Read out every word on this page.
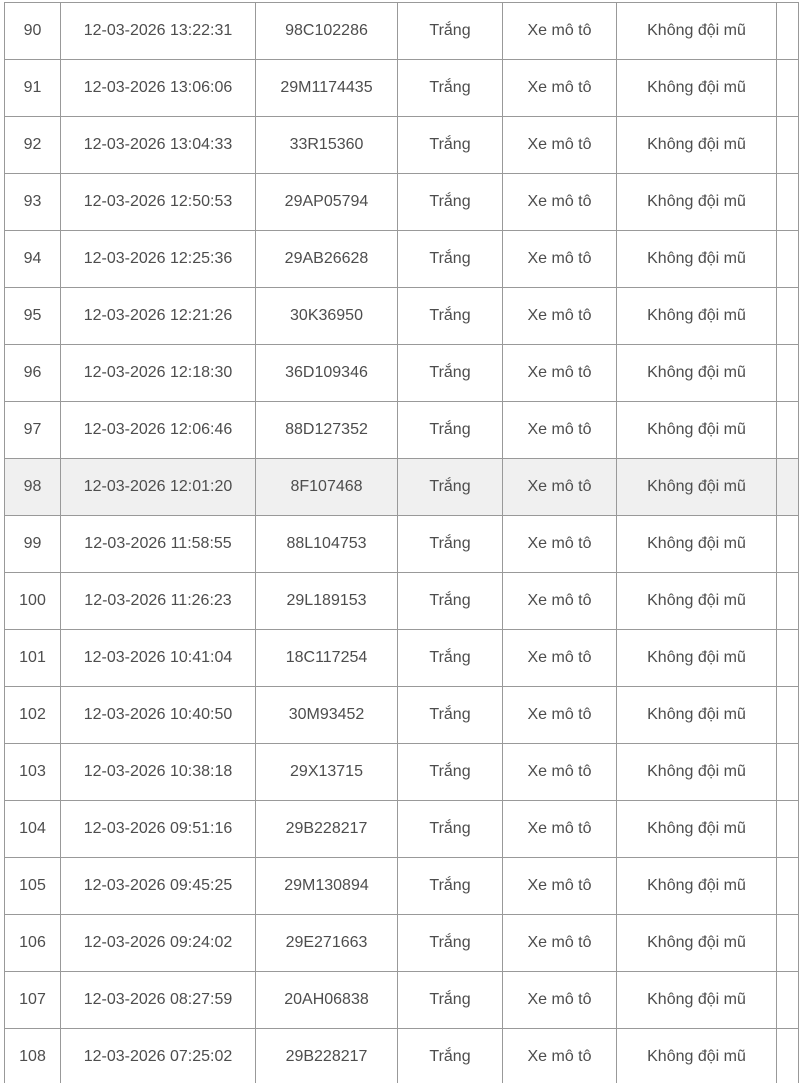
90	12-03-2026 13:22:31	98C102286	Trắng	Xe mô tô	Không đội mũ	
91	12-03-2026 13:06:06	29M1174435	Trắng	Xe mô tô	Không đội mũ	
92	12-03-2026 13:04:33	33R15360	Trắng	Xe mô tô	Không đội mũ	
93	12-03-2026 12:50:53	29AP05794	Trắng	Xe mô tô	Không đội mũ	
94	12-03-2026 12:25:36	29AB26628	Trắng	Xe mô tô	Không đội mũ	
95	12-03-2026 12:21:26	30K36950	Trắng	Xe mô tô	Không đội mũ	
96	12-03-2026 12:18:30	36D109346	Trắng	Xe mô tô	Không đội mũ	
97	12-03-2026 12:06:46	88D127352	Trắng	Xe mô tô	Không đội mũ	
98	12-03-2026 12:01:20	8F107468	Trắng	Xe mô tô	Không đội mũ	
99	12-03-2026 11:58:55	88L104753	Trắng	Xe mô tô	Không đội mũ	
100	12-03-2026 11:26:23	29L189153	Trắng	Xe mô tô	Không đội mũ	
101	12-03-2026 10:41:04	18C117254	Trắng	Xe mô tô	Không đội mũ	
102	12-03-2026 10:40:50	30M93452	Trắng	Xe mô tô	Không đội mũ	
103	12-03-2026 10:38:18	29X13715	Trắng	Xe mô tô	Không đội mũ	
104	12-03-2026 09:51:16	29B228217	Trắng	Xe mô tô	Không đội mũ	
105	12-03-2026 09:45:25	29M130894	Trắng	Xe mô tô	Không đội mũ	
106	12-03-2026 09:24:02	29E271663	Trắng	Xe mô tô	Không đội mũ	
107	12-03-2026 08:27:59	20AH06838	Trắng	Xe mô tô	Không đội mũ	
108	12-03-2026 07:25:02	29B228217	Trắng	Xe mô tô	Không đội mũ	
